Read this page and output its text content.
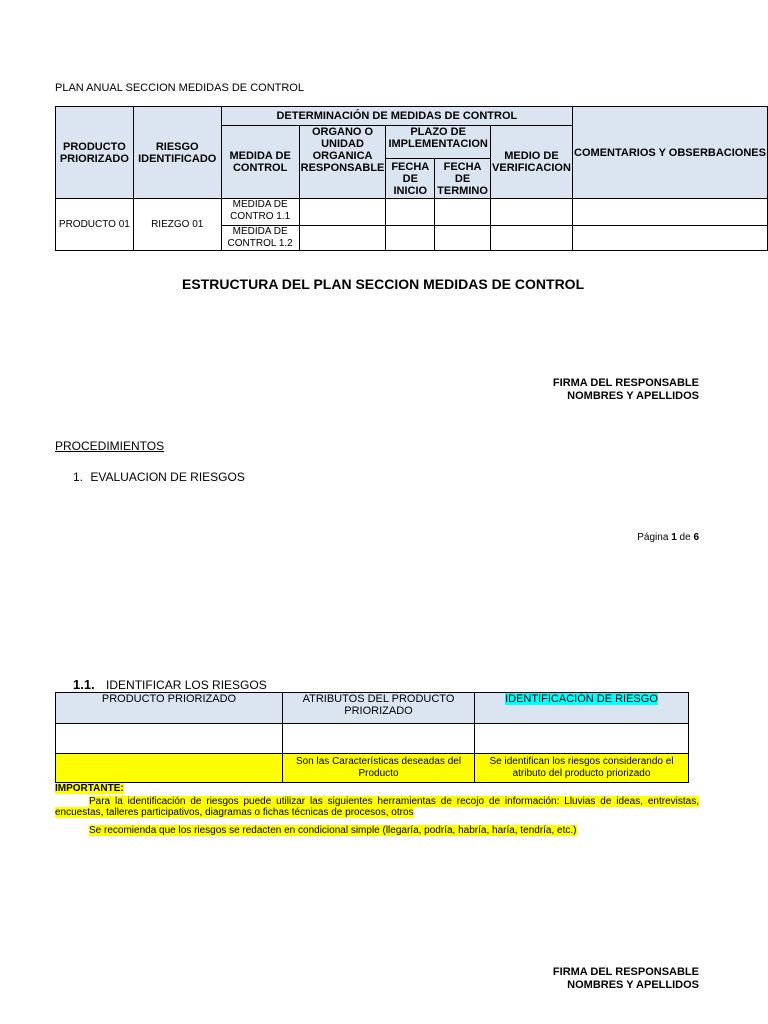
PLAN ANUAL SECCION MEDIDAS DE CONTROL
PRODUCTO PRIORIZADO	RIESGO IDENTIFICADO	DETERMINACIÓN DE MEDIDAS DE CONTROL					COMENTARIOS Y OBSERBACIONES
		MEDIDA DE CONTROL	ORGANO O UNIDAD ORGANICA RESPONSABLE	PLAZO DE IMPLEMENTACION		MEDIO DE VERIFICACION	
				FECHA DE INICIO	FECHA DE TERMINO		
PRODUCTO 01	RIEZGO 01	MEDIDA DE CONTRO 1.1					
		MEDIDA DE CONTROL 1.2					
ESTRUCTURA DEL PLAN SECCION MEDIDAS DE CONTROL
FIRMA DEL RESPONSABLE
NOMBRES Y APELLIDOS
PROCEDIMIENTOS
1. EVALUACION DE RIESGOS
Página 1 de 6
1.1. IDENTIFICAR LOS RIESGOS
PRODUCTO PRIORIZADO	ATRIBUTOS DEL PRODUCTO PRIORIZADO	IDENTIFICACIÓN DE RIESGO

	Son las Características deseadas del Producto	Se identifican los riesgos considerando el atributo del producto priorizado
IMPORTANTE:
Para la identificación de riesgos puede utilizar las siguientes herramientas de recojo de información: Lluvias de ideas, entrevistas, encuestas, talleres participativos, diagramas o fichas técnicas de procesos, otros
Se recomienda que los riesgos se redacten en condicional simple (llegaría, podría, habría, haría, tendría, etc.)
FIRMA DEL RESPONSABLE
NOMBRES Y APELLIDOS
